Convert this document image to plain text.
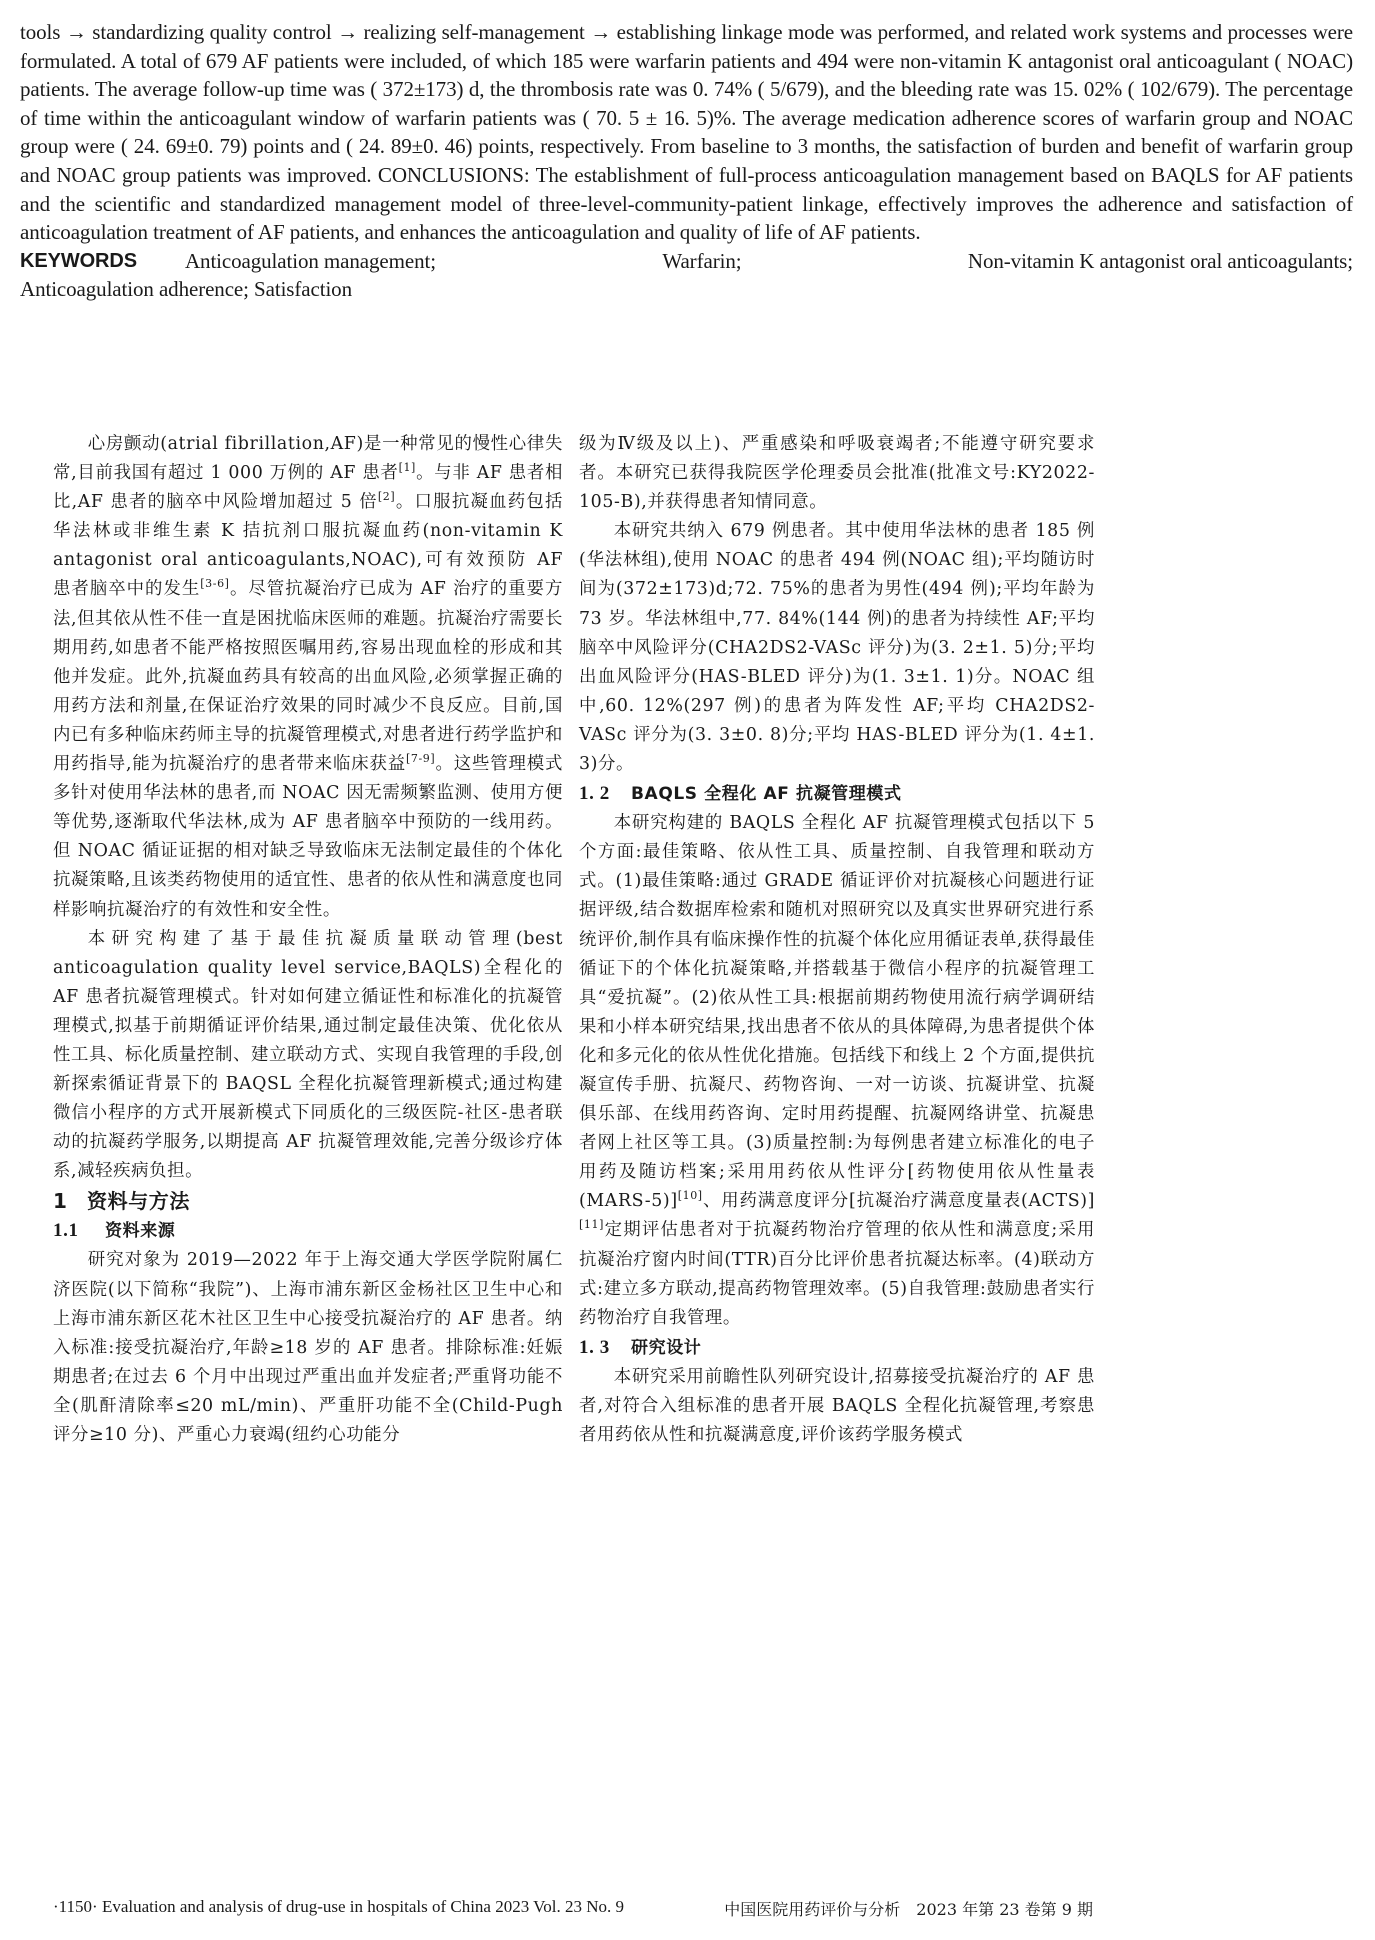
tools → standardizing quality control → realizing self-management → establishing linkage mode was performed, and related work systems and processes were formulated. A total of 679 AF patients were included, of which 185 were warfarin patients and 494 were non-vitamin K antagonist oral anticoagulant ( NOAC) patients. The average follow-up time was ( 372±173) d, the thrombosis rate was 0. 74% ( 5/679), and the bleeding rate was 15. 02% ( 102/679). The percentage of time within the anticoagulant window of warfarin patients was ( 70. 5 ± 16. 5)%. The average medication adherence scores of warfarin group and NOAC group were ( 24. 69±0. 79) points and ( 24. 89±0. 46) points, respectively. From baseline to 3 months, the satisfaction of burden and benefit of warfarin group and NOAC group patients was improved. CONCLUSIONS: The establishment of full-process anticoagulation management based on BAQLS for AF patients and the scientific and standardized management model of three-level-community-patient linkage, effectively improves the adherence and satisfaction of anticoagulation treatment of AF patients, and enhances the anticoagulation and quality of life of AF patients.

KEYWORDS Anticoagulation management;	Warfarin;	Non-vitamin K antagonist oral anticoagulants;

Anticoagulation adherence; Satisfaction

心房颤动(atrial fibrillation,AF)是一种常见的慢性心律失常,目前我国有超过 1 000 万例的 AF 患者[1]。与非 AF 患者相比,AF 患者的脑卒中风险增加超过 5 倍[2]。口服抗凝血药包括华法林或非维生素 K 拮抗剂口服抗凝血药(non-vitamin K antagonist oral anticoagulants,NOAC),可有效预防 AF 患者脑卒中的发生[3-6]。尽管抗凝治疗已成为 AF 治疗的重要方法,但其依从性不佳一直是困扰临床医师的难题。抗凝治疗需要长期用药,如患者不能严格按照医嘱用药,容易出现血栓的形成和其他并发症。此外,抗凝血药具有较高的出血风险,必须掌握正确的用药方法和剂量,在保证治疗效果的同时减少不良反应。目前,国内已有多种临床药师主导的抗凝管理模式,对患者进行药学监护和用药指导,能为抗凝治疗的患者带来临床获益[7-9]。这些管理模式多针对使用华法林的患者,而 NOAC 因无需频繁监测、使用方便等优势,逐渐取代华法林,成为 AF 患者脑卒中预防的一线用药。但 NOAC 循证证据的相对缺乏导致临床无法制定最佳的个体化抗凝策略,且该类药物使用的适宜性、患者的依从性和满意度也同样影响抗凝治疗的有效性和安全性。

本研究构建了基于最佳抗凝质量联动管理(best anticoagulation quality level service,BAQLS)全程化的 AF 患者抗凝管理模式。针对如何建立循证性和标准化的抗凝管理模式,拟基于前期循证评价结果,通过制定最佳决策、优化依从性工具、标化质量控制、建立联动方式、实现自我管理的手段,创新探索循证背景下的 BAQSL 全程化抗凝管理新模式;通过构建微信小程序的方式开展新模式下同质化的三级医院-社区-患者联动的抗凝药学服务,以期提高 AF 抗凝管理效能,完善分级诊疗体系,减轻疾病负担。

1 资料与方法
1.1 资料来源

研究对象为 2019—2022 年于上海交通大学医学院附属仁济医院(以下简称“我院”)、上海市浦东新区金杨社区卫生中心和上海市浦东新区花木社区卫生中心接受抗凝治疗的 AF 患者。纳入标准:接受抗凝治疗,年龄≥18 岁的 AF 患者。排除标准:妊娠期患者;在过去 6 个月中出现过严重出血并发症者;严重肾功能不全(肌酐清除率≤20 mL/min)、严重肝功能不全(Child-Pugh 评分≥10 分)、严重心力衰竭(纽约心功能分

级为Ⅳ级及以上)、严重感染和呼吸衰竭者;不能遵守研究要求者。本研究已获得我院医学伦理委员会批准(批准文号:KY2022-105-B),并获得患者知情同意。

本研究共纳入 679 例患者。其中使用华法林的患者 185 例(华法林组),使用 NOAC 的患者 494 例(NOAC 组);平均随访时间为(372±173)d;72. 75%的患者为男性(494 例);平均年龄为 73 岁。华法林组中,77. 84%(144 例)的患者为持续性 AF;平均脑卒中风险评分(CHA2DS2-VASc 评分)为(3. 2±1. 5)分;平均出血风险评分(HAS-BLED 评分)为(1. 3±1. 1)分。NOAC 组中,60. 12%(297 例)的患者为阵发性 AF;平均 CHA2DS2-VASc 评分为(3. 3±0. 8)分;平均 HAS-BLED 评分为(1. 4±1. 3)分。

1. 2 BAQLS 全程化 AF 抗凝管理模式

本研究构建的 BAQLS 全程化 AF 抗凝管理模式包括以下 5 个方面:最佳策略、依从性工具、质量控制、自我管理和联动方式。(1)最佳策略:通过 GRADE 循证评价对抗凝核心问题进行证据评级,结合数据库检索和随机对照研究以及真实世界研究进行系统评价,制作具有临床操作性的抗凝个体化应用循证表单,获得最佳循证下的个体化抗凝策略,并搭载基于微信小程序的抗凝管理工具“爱抗凝”。(2)依从性工具:根据前期药物使用流行病学调研结果和小样本研究结果,找出患者不依从的具体障碍,为患者提供个体化和多元化的依从性优化措施。包括线下和线上 2 个方面,提供抗凝宣传手册、抗凝尺、药物咨询、一对一访谈、抗凝讲堂、抗凝俱乐部、在线用药咨询、定时用药提醒、抗凝网络讲堂、抗凝患者网上社区等工具。(3)质量控制:为每例患者建立标准化的电子用药及随访档案;采用用药依从性评分[药物使用依从性量表(MARS-5)][10]、用药满意度评分[抗凝治疗满意度量表(ACTS)][11]定期评估患者对于抗凝药物治疗管理的依从性和满意度;采用抗凝治疗窗内时间(TTR)百分比评价患者抗凝达标率。(4)联动方式:建立多方联动,提高药物管理效率。(5)自我管理:鼓励患者实行药物治疗自我管理。

1. 3 研究设计

本研究采用前瞻性队列研究设计,招募接受抗凝治疗的 AF 患者,对符合入组标准的患者开展 BAQLS 全程化抗凝管理,考察患者用药依从性和抗凝满意度,评价该药学服务模式

·1150· Evaluation and analysis of drug-use in hospitals of China 2023 Vol. 23 No. 9	中国医院用药评价与分析　2023 年第 23 卷第 9 期
